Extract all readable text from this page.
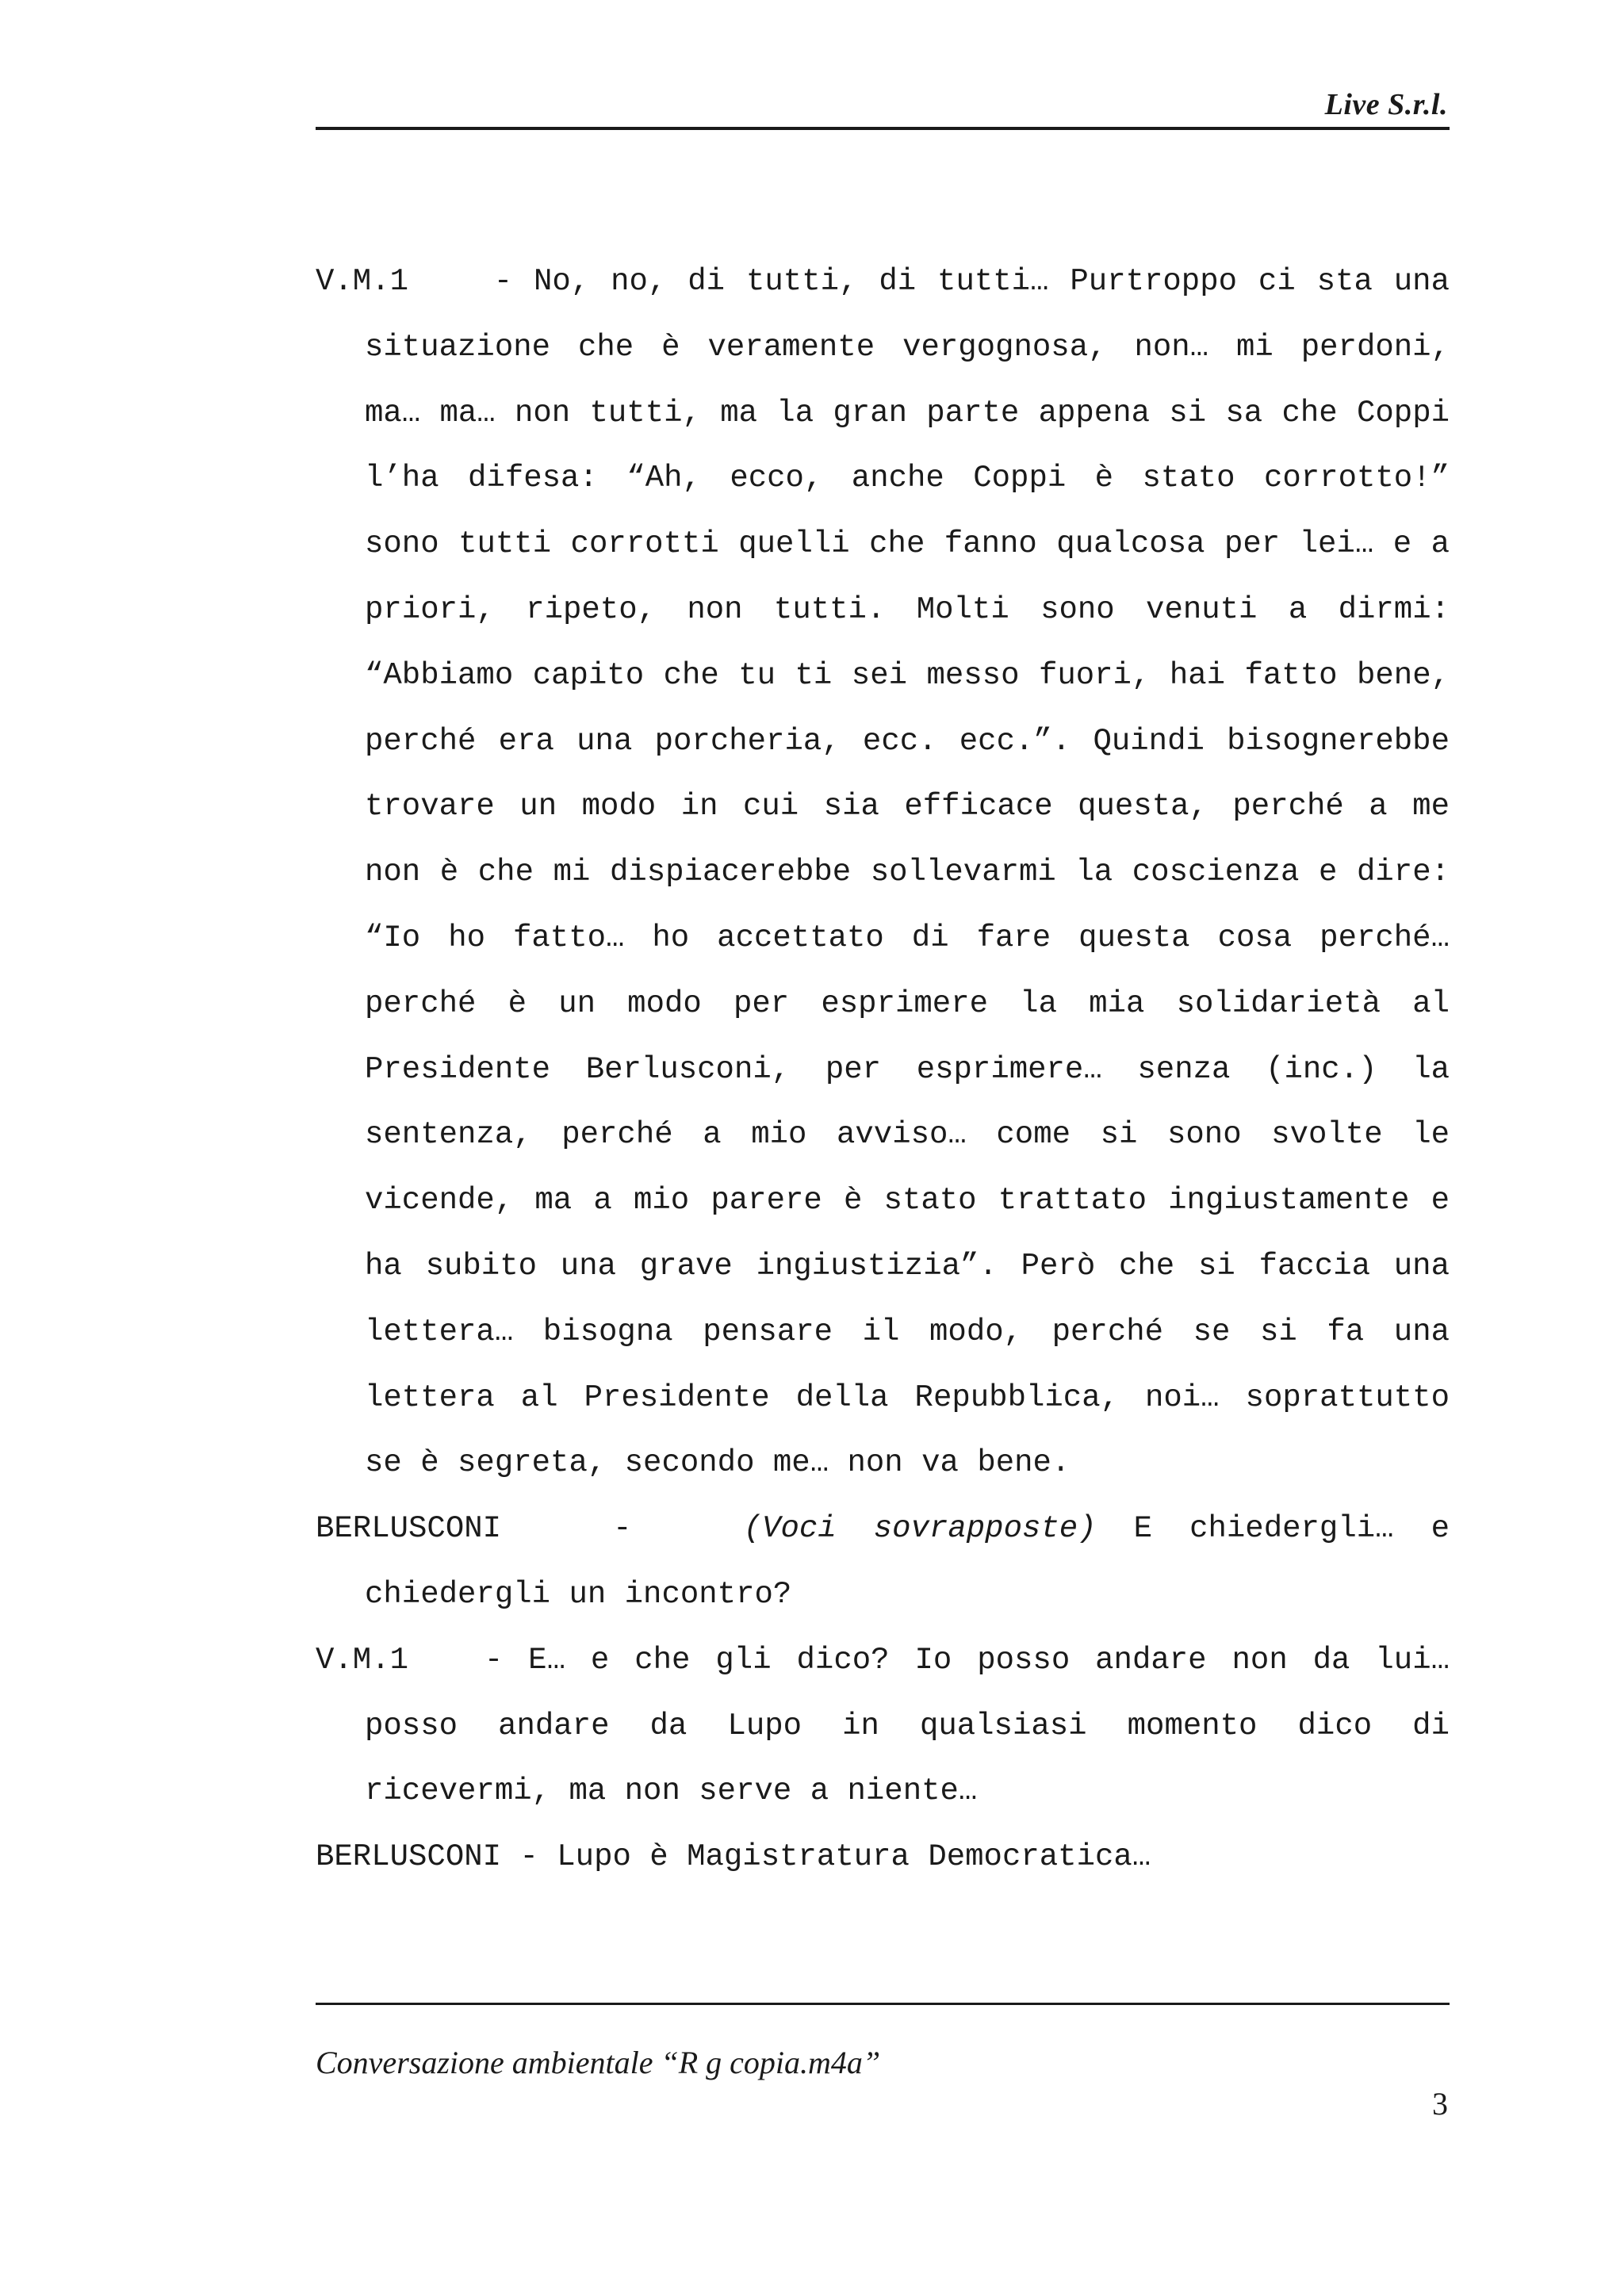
Live S.r.l.

V.M.1	- No, no, di tutti, di tutti… Purtroppo ci sta una situazione che è veramente vergognosa, non… mi perdoni, ma… ma… non tutti, ma la gran parte appena si sa che Coppi l’ha difesa: “Ah, ecco, anche Coppi è stato corrotto!” sono tutti corrotti quelli che fanno qualcosa per lei… e a priori, ripeto, non tutti. Molti sono venuti a dirmi: “Abbiamo capito che tu ti sei messo fuori, hai fatto bene, perché era una porcheria, ecc. ecc.”. Quindi bisognerebbe trovare un modo in cui sia efficace questa, perché a me non è che mi dispiacerebbe sollevarmi la coscienza e dire: “Io ho fatto… ho accettato di fare questa cosa perché… perché è un modo per esprimere la mia solidarietà al Presidente Berlusconi, per esprimere… senza (inc.) la sentenza, perché a mio avviso… come si sono svolte le vicende, ma a mio parere è stato trattato ingiustamente e ha subito una grave ingiustizia”. Però che si faccia una lettera… bisogna pensare il modo, perché se si fa una lettera al Presidente della Repubblica, noi… soprattutto se è segreta, secondo me… non va bene.

BERLUSCONI	-	(Voci sovrapposte) E chiedergli… e chiedergli un incontro?

V.M.1 - E… e che gli dico? Io posso andare non da lui… posso andare da Lupo in qualsiasi momento dico di ricevermi, ma non serve a niente…

BERLUSCONI - Lupo è Magistratura Democratica…

Conversazione ambientale “R g copia.m4a”
3
